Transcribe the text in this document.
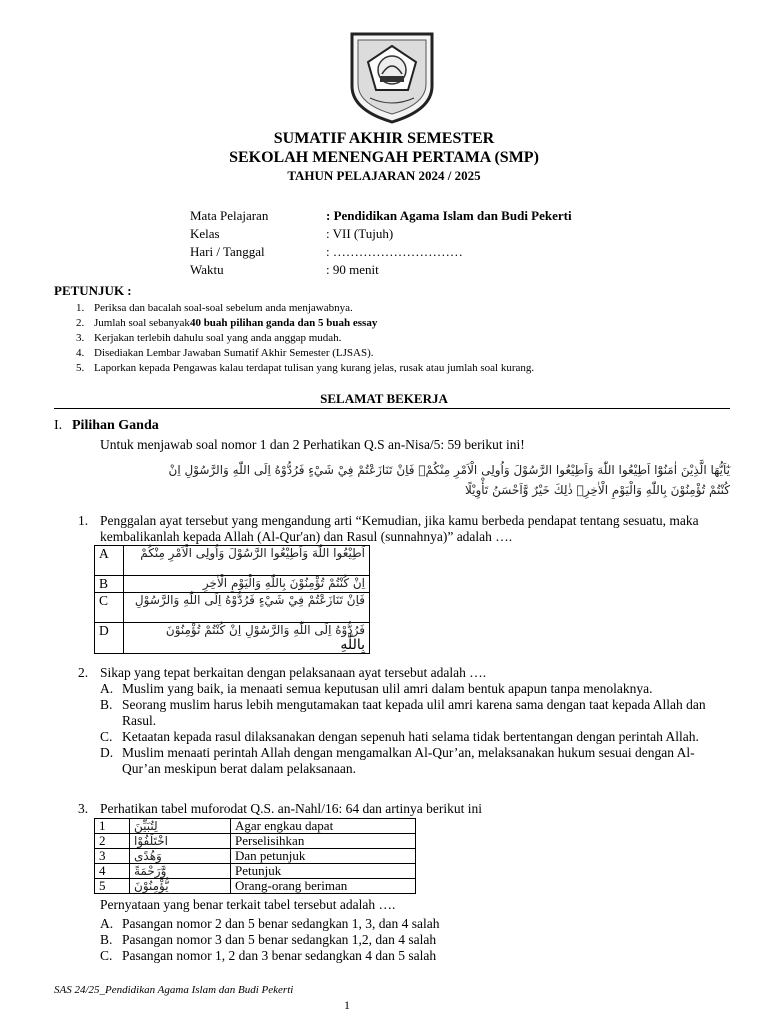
SUMATIF AKHIR SEMESTER
SEKOLAH MENENGAH PERTAMA (SMP)
TAHUN PELAJARAN 2024 / 2025
Mata Pelajaran	: Pendidikan Agama Islam dan Budi Pekerti
Kelas	: VII (Tujuh)
Hari / Tanggal	: …………………………
Waktu	: 90 menit
PETUNJUK :
1. Periksa dan bacalah soal-soal sebelum anda menjawabnya.
2. Jumlah soal sebanyak 40 buah pilihan ganda dan 5 buah essay
3. Kerjakan terlebih dahulu soal yang anda anggap mudah.
4. Disediakan Lembar Jawaban Sumatif Akhir Semester (LJSAS).
5. Laporkan kepada Pengawas kalau terdapat tulisan yang kurang jelas, rusak atau jumlah soal kurang.
SELAMAT BEKERJA
I. Pilihan Ganda
Untuk menjawab soal nomor 1 dan 2 Perhatikan Q.S an-Nisa/5: 59 berikut ini!
يٰٓاَيُّهَا الَّذِيْنَ اٰمَنُوْٓا اَطِيْعُوا اللّٰهَ وَاَطِيْعُوا الرَّسُوْلَ وَاُولِى الْاَمْرِ مِنْكُمْۚ فَاِنْ تَنَازَعْتُمْ فِيْ شَيْءٍ فَرُدُّوْهُ اِلَى اللّٰهِ وَالرَّسُوْلِ اِنْ
كُنْتُمْ تُؤْمِنُوْنَ بِاللّٰهِ وَالْيَوْمِ الْاٰخِرِۗ ذٰلِكَ خَيْرٌ وَّاَحْسَنُ تَأْوِيْلًا
1. Penggalan ayat tersebut yang mengandung arti “Kemudian, jika kamu berbeda pendapat tentang sesuatu, maka kembalikanlah kepada Allah (Al-Qur'an) dan Rasul (sunnahnya)” adalah ….
A	اَطِيْعُوا اللّٰهَ وَاَطِيْعُوا الرَّسُوْلَ وَاُولِى الْاَمْرِ مِنْكُمْ
B	اِنْ كُنْتُمْ تُؤْمِنُوْنَ بِاللّٰهِ وَالْيَوْمِ الْاٰخِرِ
C	فَاِنْ تَنَازَعْتُمْ فِيْ شَيْءٍ فَرُدُّوْهُ اِلَى اللّٰهِ وَالرَّسُوْلِ
D	فَرُدُّوْهُ اِلَى اللّٰهِ وَالرَّسُوْلِ اِنْ كُنْتُمْ تُؤْمِنُوْنَ
بِاللّٰهِ
2. Sikap yang tepat berkaitan dengan pelaksanaan ayat tersebut adalah ….
A. Muslim yang baik, ia menaati semua keputusan ulil amri dalam bentuk apapun tanpa menolaknya.
B. Seorang muslim harus lebih mengutamakan taat kepada ulil amri karena sama dengan taat kepada Allah dan Rasul.
C. Ketaatan kepada rasul dilaksanakan dengan sepenuh hati selama tidak bertentangan dengan perintah Allah.
D. Muslim menaati perintah Allah dengan mengamalkan Al-Qur’an, melaksanakan hukum sesuai dengan Al-Qur’an meskipun berat dalam pelaksanaan.
3. Perhatikan tabel muforodat Q.S. an-Nahl/16: 64 dan artinya berikut ini
1	لِتُبَيِّنَ	Agar engkau dapat
2	اخْتَلَفُوْا	Perselisihkan
3	وَهُدًى	Dan petunjuk
4	وَّرَحْمَةً	Petunjuk
5	يُّؤْمِنُوْنَ	Orang-orang beriman
Pernyataan yang benar terkait tabel tersebut adalah ….
A. Pasangan nomor 2 dan 5 benar sedangkan 1, 3, dan 4 salah
B. Pasangan nomor 3 dan 5 benar sedangkan 1,2, dan 4 salah
C. Pasangan nomor 1, 2 dan 3 benar sedangkan 4 dan 5 salah
SAS 24/25_Pendidikan Agama Islam dan Budi Pekerti
1
